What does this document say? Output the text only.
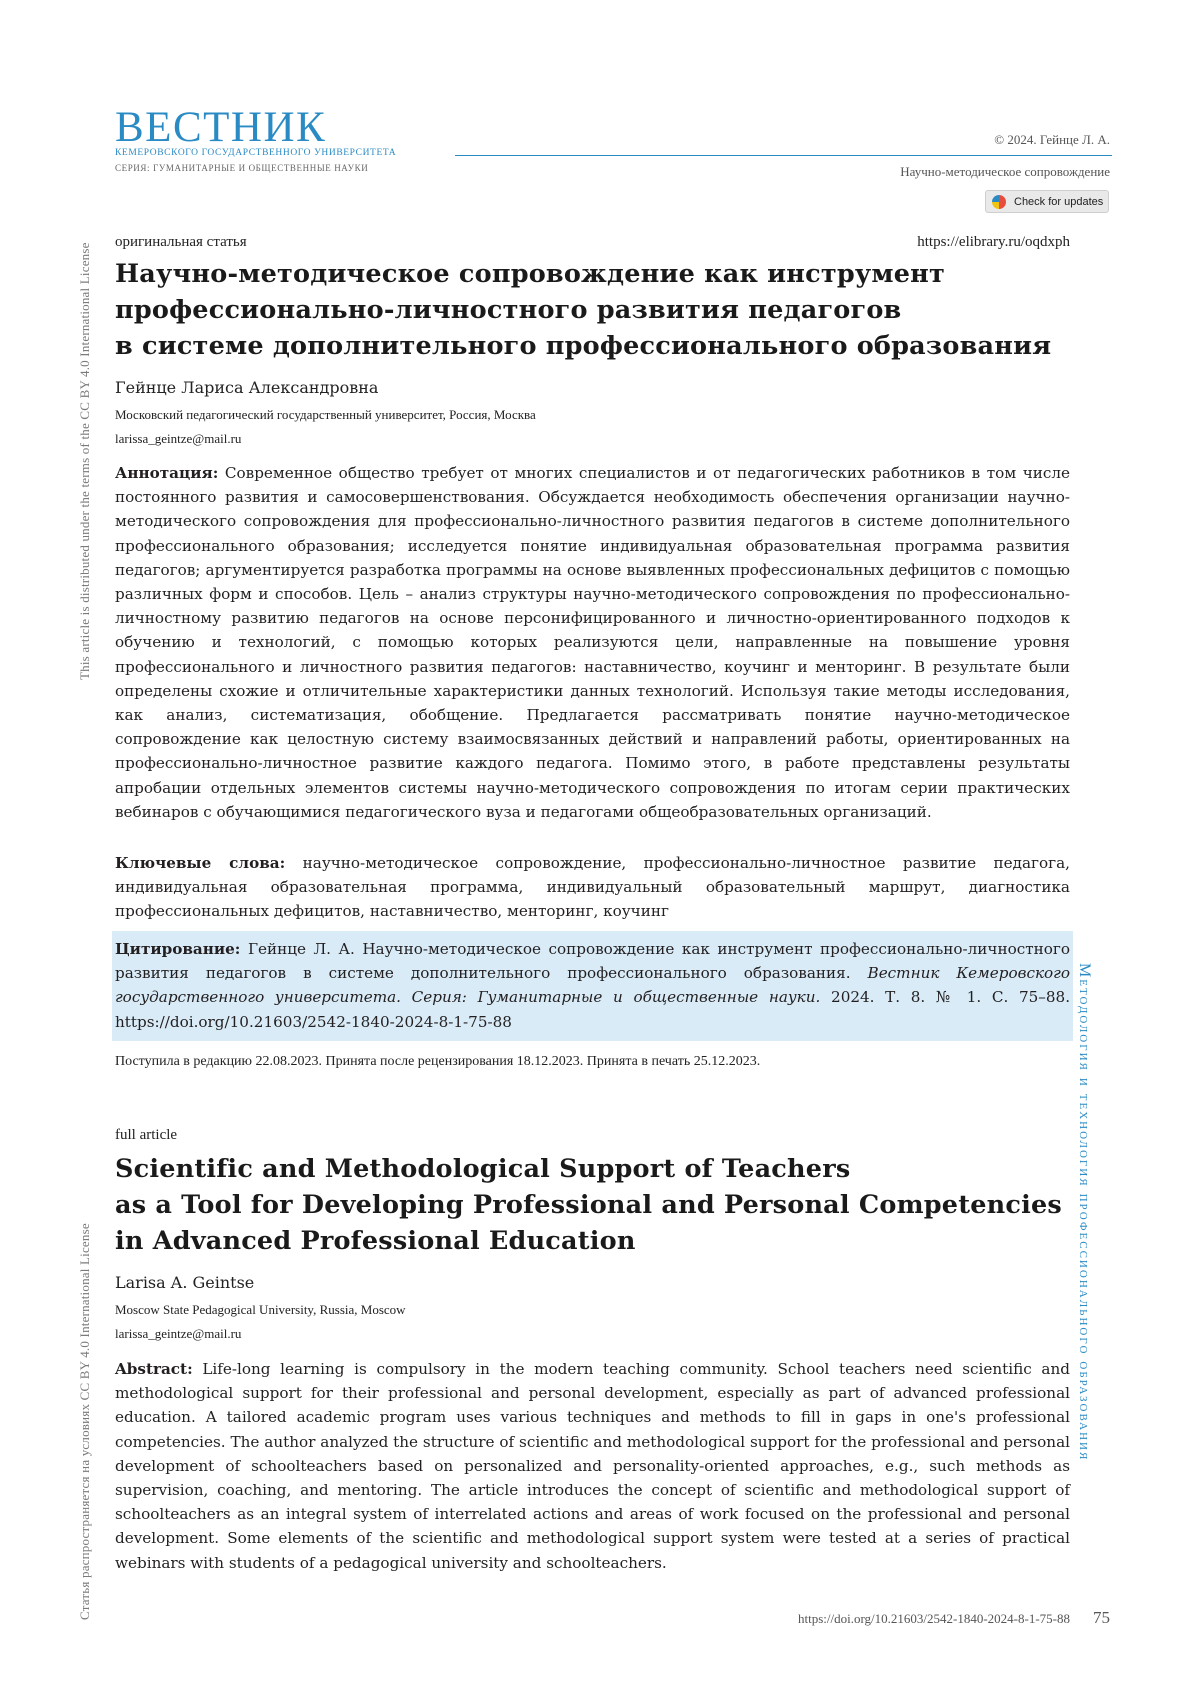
This article is distributed under the terms of the CC BY 4.0 International License
Статья распространяется на условиях CC BY 4.0 International License	Методология и технология профессионального образования
ВЕСТНИК
КЕМЕРОВСКОГО ГОСУДАРСТВЕННОГО УНИВЕРСИТЕТА
СЕРИЯ: ГУМАНИТАРНЫЕ И ОБЩЕСТВЕННЫЕ НАУКИ
© 2024. Гейнце Л. А.
Научно-методическое сопровождение
Check for updates
оригинальная статья	https://elibrary.ru/oqdxph
Научно-методическое сопровождение как инструмент
профессионально-личностного развития педагогов
в системе дополнительного профессионального образования
Гейнце Лариса Александровна
Московский педагогический государственный университет, Россия, Москва
larissa_geintze@mail.ru
Аннотация: Современное общество требует от многих специалистов и от педагогических работников в том числе постоянного развития и самосовершенствования. Обсуждается необходимость обеспечения организации научно-методического сопровождения для профессионально-личностного развития педагогов в системе дополнительного профессионального образования; исследуется понятие индивидуальная образовательная программа развития педагогов; аргументируется разработка программы на основе выявленных профессиональных дефицитов с помощью различных форм и способов. Цель – анализ структуры научно-методического сопровождения по профессионально-личностному развитию педагогов на основе персонифицированного и личностно-ориентированного подходов к обучению и технологий, с помощью которых реализуются цели, направленные на повышение уровня профессионального и личностного развития педагогов: наставничество, коучинг и менторинг. В результате были определены схожие и отличительные характеристики данных технологий. Используя такие методы исследования, как анализ, систематизация, обобщение. Предлагается рассматривать понятие научно-методическое сопровождение как целостную систему взаимосвязанных действий и направлений работы, ориентированных на профессионально-личностное развитие каждого педагога. Помимо этого, в работе представлены результаты апробации отдельных элементов системы научно-методического сопровождения по итогам серии практических вебинаров с обучающимися педагогического вуза и педагогами общеобразовательных организаций.
Ключевые слова: научно-методическое сопровождение, профессионально-личностное развитие педагога, индивидуальная образовательная программа, индивидуальный образовательный маршрут, диагностика профессиональных дефицитов, наставничество, менторинг, коучинг
Цитирование: Гейнце Л. А. Научно-методическое сопровождение как инструмент профессионально-личностного развития педагогов в системе дополнительного профессионального образования. Вестник Кемеровского государственного университета. Серия: Гуманитарные и общественные науки. 2024. Т. 8. № 1. С. 75–88. https://doi.org/10.21603/2542-1840-2024-8-1-75-88
Поступила в редакцию 22.08.2023. Принята после рецензирования 18.12.2023. Принята в печать 25.12.2023.
full article
Scientific and Methodological Support of Teachers
as a Tool for Developing Professional and Personal Competencies
in Advanced Professional Education
Larisa A. Geintse
Moscow State Pedagogical University, Russia, Moscow
larissa_geintze@mail.ru
Abstract: Life-long learning is compulsory in the modern teaching community. School teachers need scientific and methodological support for their professional and personal development, especially as part of advanced professional education. A tailored academic program uses various techniques and methods to fill in gaps in one's professional competencies. The author analyzed the structure of scientific and methodological support for the professional and personal development of schoolteachers based on personalized and personality-oriented approaches, e.g., such methods as supervision, coaching, and mentoring. The article introduces the concept of scientific and methodological support of schoolteachers as an integral system of interrelated actions and areas of work focused on the professional and personal development. Some elements of the scientific and methodological support system were tested at a series of practical webinars with students of a pedagogical university and schoolteachers.
https://doi.org/10.21603/2542-1840-2024-8-1-75-88 75
